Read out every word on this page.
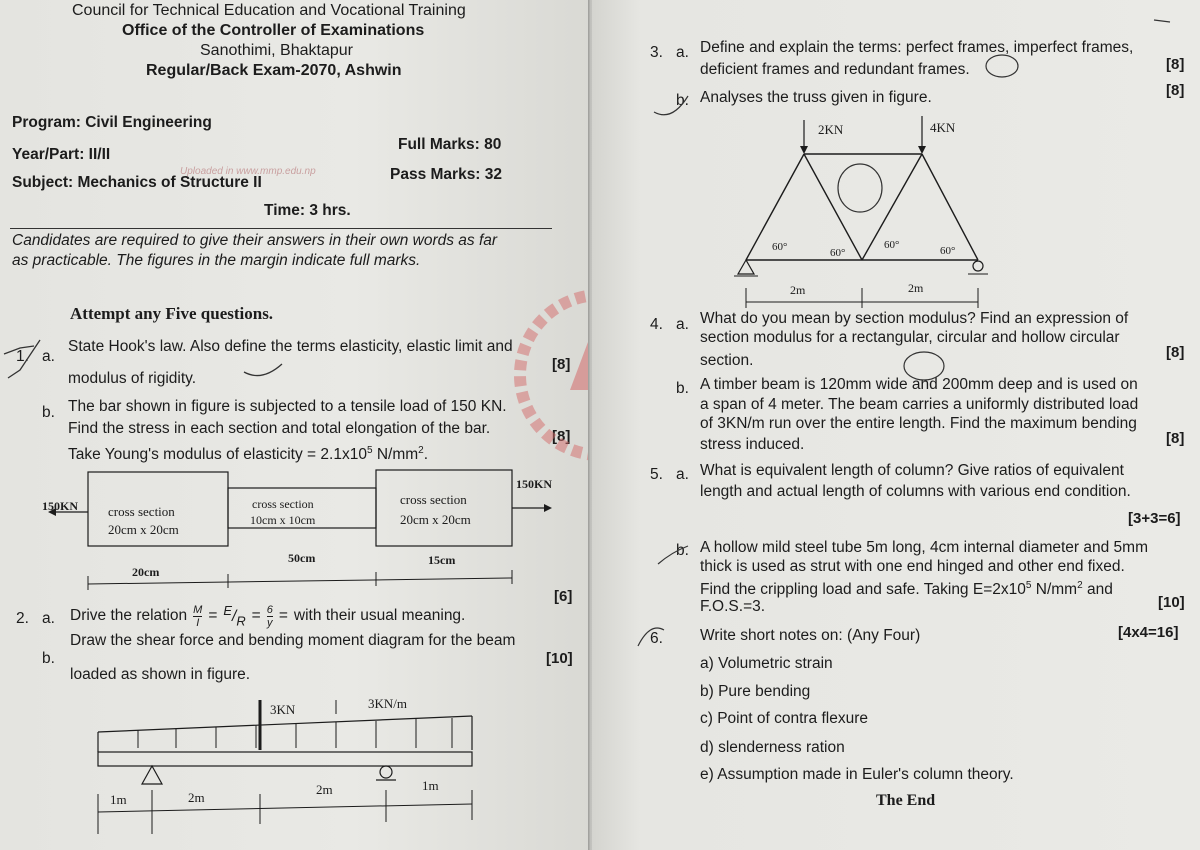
Council for Technical Education and Vocational Training
Office of the Controller of Examinations
Sanothimi, Bhaktapur
Regular/Back Exam-2070, Ashwin
Program: Civil Engineering
Year/Part: II/II
Subject: Mechanics of Structure II
Full Marks: 80
Pass Marks: 32
Time: 3 hrs.
Uploaded in www.mmp.edu.np
Candidates are required to give their answers in their own words as far
as practicable. The figures in the margin indicate full marks.
Attempt any Five questions.
1. a.
State Hook's law. Also define the terms elasticity, elastic limit and
modulus of rigidity.
[8]
b. The bar shown in figure is subjected to a tensile load of 150 KN.
Find the stress in each section and total elongation of the bar.
Take Young's modulus of elasticity = $2.1x10^5$ $N/mm^2$.
[8]
150KN
150KN
cross section
20cm x 20cm
cross section
10cm x 10cm
cross section
20cm x 20cm
20cm
50cm	15cm
2. a. Drive the relation $\frac{M}{I} = ^E/_R = \frac{6}{y}$ = with their usual meaning.
[6]
b.
Draw the shear force and bending moment diagram for the beam
loaded as shown in figure.
[10]
3KN	3KN/m
1m	2m
2m	1m
3. a. Define and explain the terms: perfect frames, imperfect frames,
deficient frames and redundant frames.	[8]
b. Analyses the truss given in figure.	[8]
2KN	4KN
60°	60°
60°	60°
2m	2m
4. a. What do you mean by section modulus? Find an expression of
section modulus for a rectangular, circular and hollow circular
section.	[8]
b. A timber beam is 120mm wide and 200mm deep and is used on
a span of 4 meter. The beam carries a uniformly distributed load
of 3KN/m run over the entire length. Find the maximum bending
stress induced.	[8]
5. a. What is equivalent length of column? Give ratios of equivalent
length and actual length of columns with various end condition.
[3+3=6]
b. A hollow mild steel tube 5m long, 4cm internal diameter and 5mm
thick is used as strut with one end hinged and other end fixed.
Find the crippling load and safe. Taking $E=2x10^5$ $N/mm^2$ and
F.O.S.=3.	[10]
6. Write short notes on: (Any Four)	[4x4=16]
a) Volumetric strain
b) Pure bending
c) Point of contra flexure
d) slenderness ration
e) Assumption made in Euler's column theory.
The End
